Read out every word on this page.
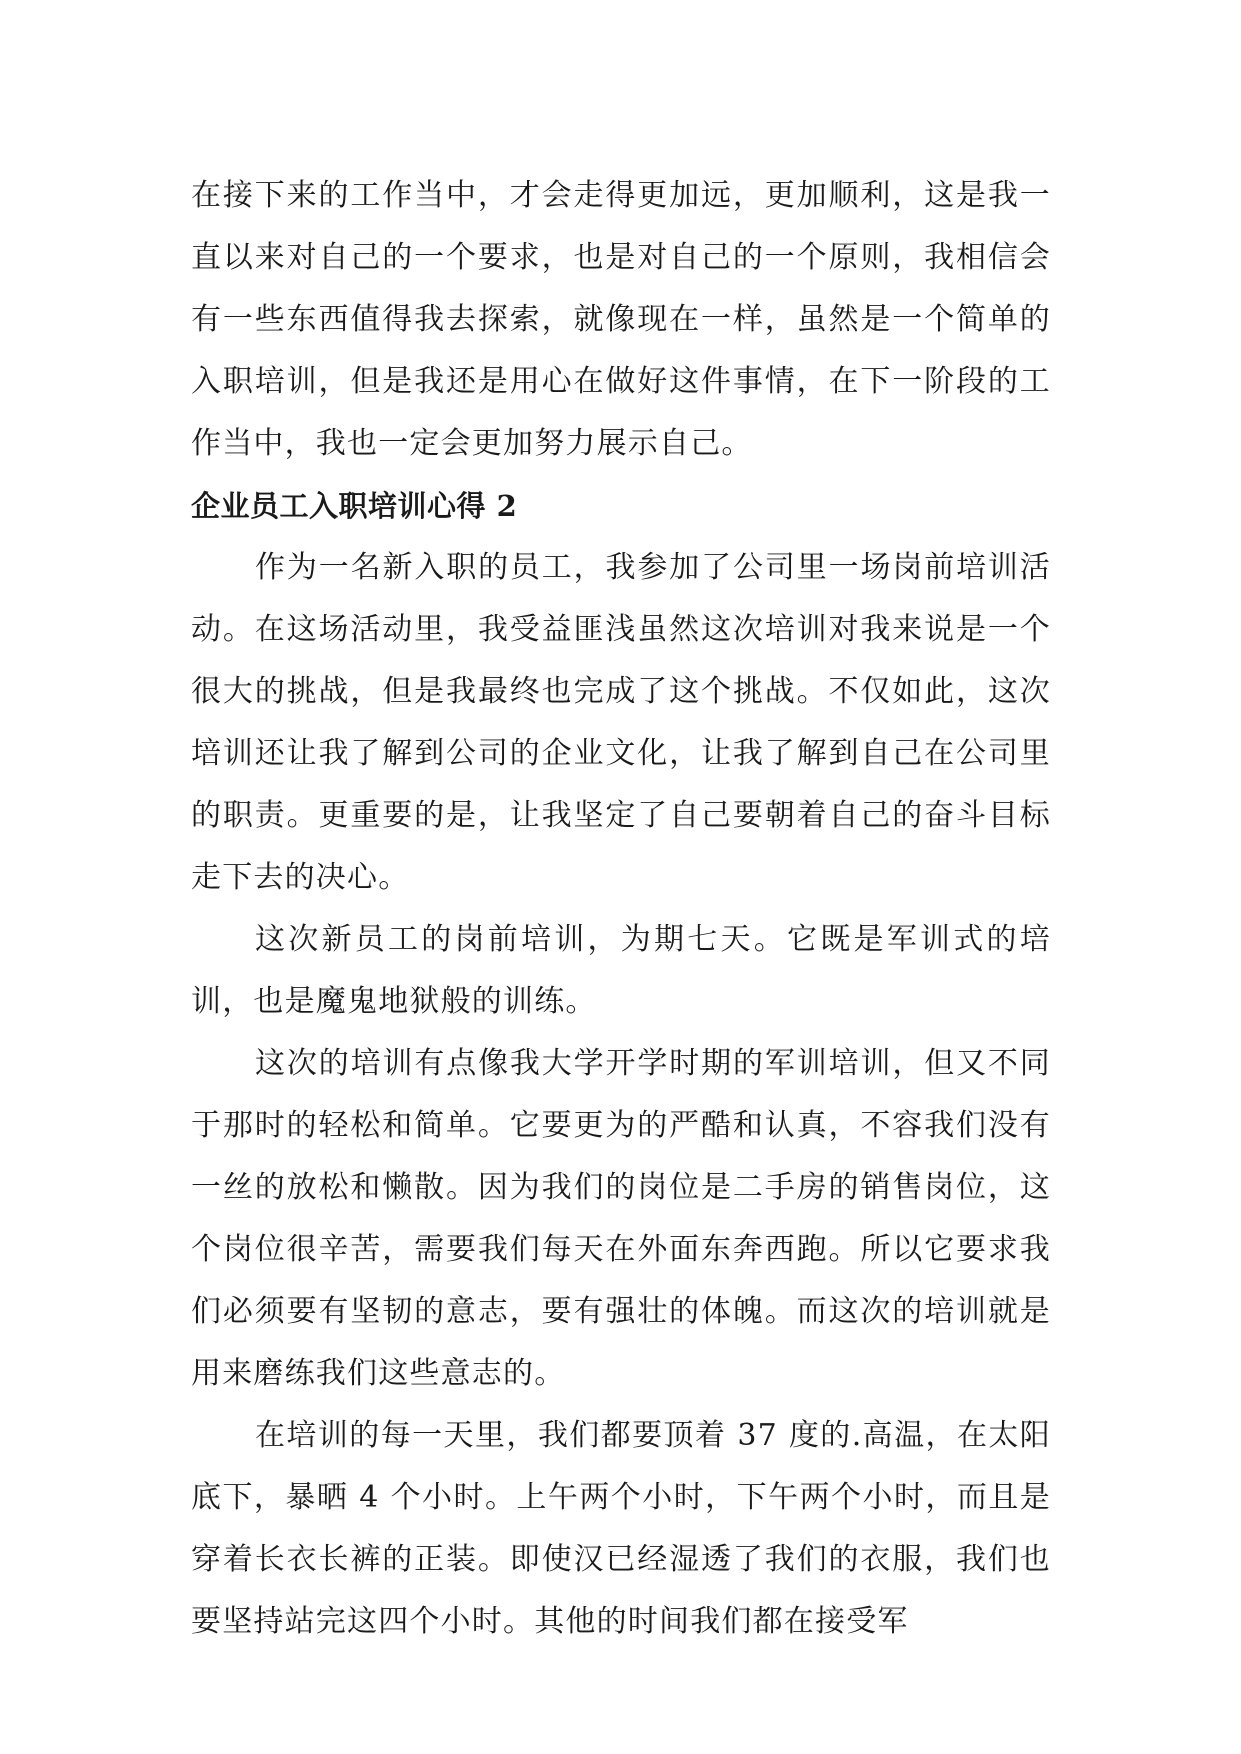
在接下来的工作当中，才会走得更加远，更加顺利，这是我一直以来对自己的一个要求，也是对自己的一个原则，我相信会有一些东西值得我去探索，就像现在一样，虽然是一个简单的入职培训，但是我还是用心在做好这件事情，在下一阶段的工作当中，我也一定会更加努力展示自己。

企业员工入职培训心得 2

作为一名新入职的员工，我参加了公司里一场岗前培训活动。在这场活动里，我受益匪浅虽然这次培训对我来说是一个很大的挑战，但是我最终也完成了这个挑战。不仅如此，这次培训还让我了解到公司的企业文化，让我了解到自己在公司里的职责。更重要的是，让我坚定了自己要朝着自己的奋斗目标走下去的决心。

这次新员工的岗前培训，为期七天。它既是军训式的培训，也是魔鬼地狱般的训练。

这次的培训有点像我大学开学时期的军训培训，但又不同于那时的轻松和简单。它要更为的严酷和认真，不容我们没有一丝的放松和懒散。因为我们的岗位是二手房的销售岗位，这个岗位很辛苦，需要我们每天在外面东奔西跑。所以它要求我们必须要有坚韧的意志，要有强壮的体魄。而这次的培训就是用来磨练我们这些意志的。

在培训的每一天里，我们都要顶着 37 度的.高温，在太阳底下，暴晒 4 个小时。上午两个小时，下午两个小时，而且是穿着长衣长裤的正装。即使汉已经湿透了我们的衣服，我们也要坚持站完这四个小时。其他的时间我们都在接受军
